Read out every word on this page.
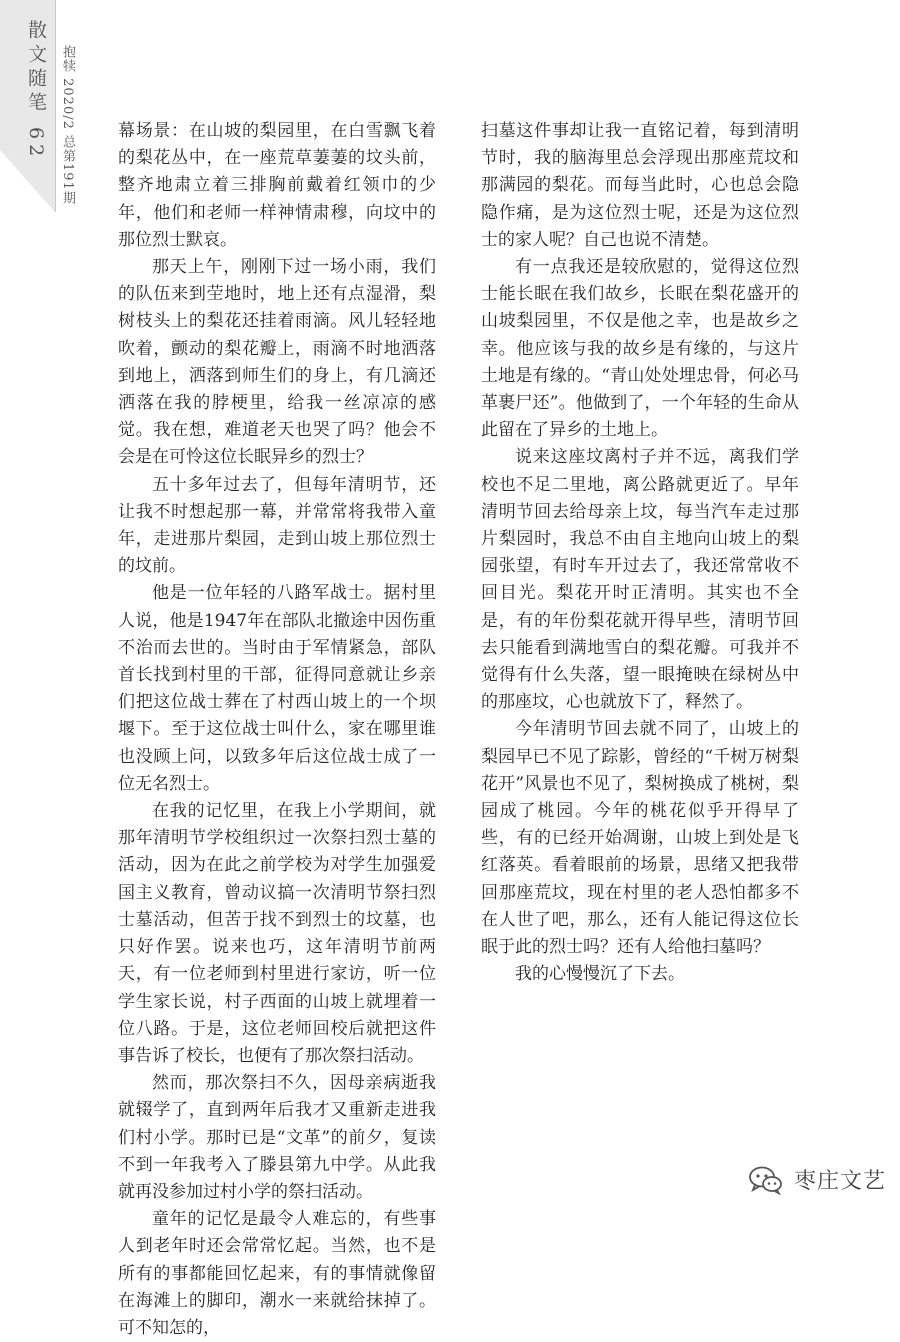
散文随笔 62
抱犊 2020/2
总第191期

幕场景：在山坡的梨园里，在白雪飘飞着的梨花丛中，在一座荒草萋萋的坟头前，整齐地肃立着三排胸前戴着红领巾的少年，他们和老师一样神情肃穆，向坟中的那位烈士默哀。

那天上午，刚刚下过一场小雨，我们的队伍来到茔地时，地上还有点湿滑，梨树枝头上的梨花还挂着雨滴。风儿轻轻地吹着，颤动的梨花瓣上，雨滴不时地洒落到地上，洒落到师生们的身上，有几滴还洒落在我的脖梗里，给我一丝凉凉的感觉。我在想，难道老天也哭了吗？他会不会是在可怜这位长眠异乡的烈士？

五十多年过去了，但每年清明节，还让我不时想起那一幕，并常常将我带入童年，走进那片梨园，走到山坡上那位烈士的坟前。

他是一位年轻的八路军战士。据村里人说，他是1947年在部队北撤途中因伤重不治而去世的。当时由于军情紧急，部队首长找到村里的干部，征得同意就让乡亲们把这位战士葬在了村西山坡上的一个坝堰下。至于这位战士叫什么，家在哪里谁也没顾上问，以致多年后这位战士成了一位无名烈士。

在我的记忆里，在我上小学期间，就那年清明节学校组织过一次祭扫烈士墓的活动，因为在此之前学校为对学生加强爱国主义教育，曾动议搞一次清明节祭扫烈士墓活动，但苦于找不到烈士的坟墓，也只好作罢。说来也巧，这年清明节前两天，有一位老师到村里进行家访，听一位学生家长说，村子西面的山坡上就埋着一位八路。于是，这位老师回校后就把这件事告诉了校长，也便有了那次祭扫活动。

然而，那次祭扫不久，因母亲病逝我就辍学了，直到两年后我才又重新走进我们村小学。那时已是“文革”的前夕，复读不到一年我考入了滕县第九中学。从此我就再没参加过村小学的祭扫活动。

童年的记忆是最令人难忘的，有些事人到老年时还会常常忆起。当然，也不是所有的事都能回忆起来，有的事情就像留在海滩上的脚印，潮水一来就给抹掉了。可不知怎的，

扫墓这件事却让我一直铭记着，每到清明节时，我的脑海里总会浮现出那座荒坟和那满园的梨花。而每当此时，心也总会隐隐作痛，是为这位烈士呢，还是为这位烈士的家人呢？自己也说不清楚。

有一点我还是较欣慰的，觉得这位烈士能长眠在我们故乡，长眠在梨花盛开的山坡梨园里，不仅是他之幸，也是故乡之幸。他应该与我的故乡是有缘的，与这片土地是有缘的。“青山处处埋忠骨，何必马革裹尸还”。他做到了，一个年轻的生命从此留在了异乡的土地上。

说来这座坟离村子并不远，离我们学校也不足二里地，离公路就更近了。早年清明节回去给母亲上坟，每当汽车走过那片梨园时，我总不由自主地向山坡上的梨园张望，有时车开过去了，我还常常收不回目光。梨花开时正清明。其实也不全是，有的年份梨花就开得早些，清明节回去只能看到满地雪白的梨花瓣。可我并不觉得有什么失落，望一眼掩映在绿树丛中的那座坟，心也就放下了，释然了。

今年清明节回去就不同了，山坡上的梨园早已不见了踪影，曾经的“千树万树梨花开”风景也不见了，梨树换成了桃树，梨园成了桃园。今年的桃花似乎开得早了些，有的已经开始凋谢，山坡上到处是飞红落英。看着眼前的场景，思绪又把我带回那座荒坟，现在村里的老人恐怕都多不在人世了吧，那么，还有人能记得这位长眠于此的烈士吗？还有人给他扫墓吗？

我的心慢慢沉了下去。

枣庄文艺
